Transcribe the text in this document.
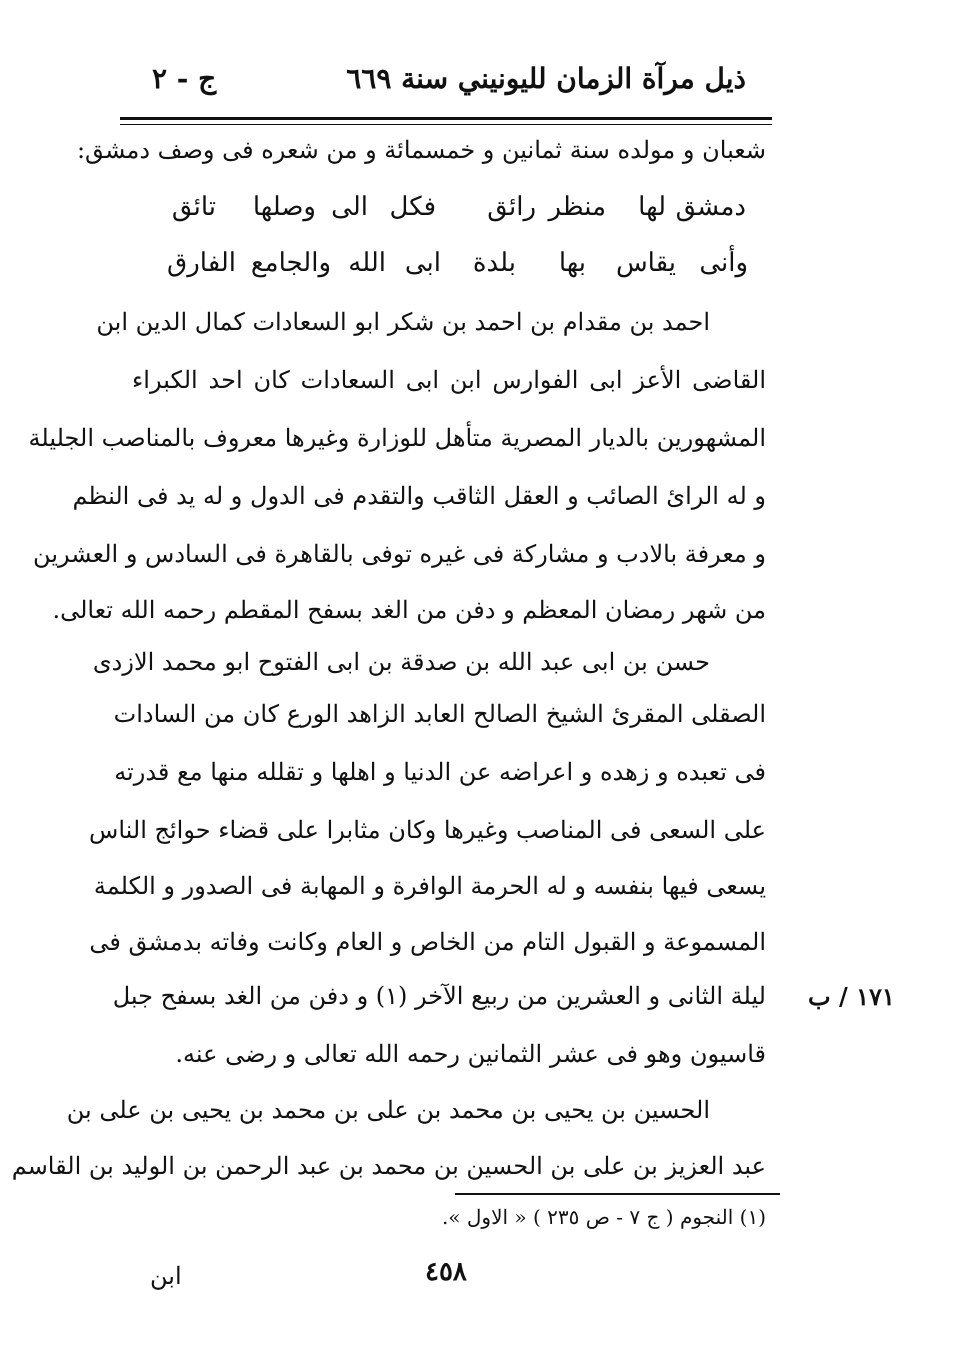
ذيل مرآة الزمان لليونيني سنة ٦٦٩
ج - ٢
شعبان و مولده سنة ثمانين و خمسمائة و من شعره فى وصف دمشق:
دمشق
لها
منظر
رائق
فكل
الى
وصلها
تائق
وأنى
يقاس
بها
بلدة
ابى
الله
والجامع
الفارق
احمد بن مقدام بن احمد بن شكر ابو السعادات كمال الدين ابن
القاضى الأعز ابى الفوارس ابن ابى السعادات كان احد الكبراء
المشهورين بالديار المصرية متأهل للوزارة وغيرها معروف بالمناصب الجليلة
و له الرائ الصائب و العقل الثاقب والتقدم فى الدول و له يد فى النظم
و معرفة بالادب و مشاركة فى غيره توفى بالقاهرة فى السادس و العشرين
من شهر رمضان المعظم و دفن من الغد بسفح المقطم رحمه الله تعالى.
حسن بن ابى عبد الله بن صدقة بن ابى الفتوح ابو محمد الازدى
الصقلى المقرئ الشيخ الصالح العابد الزاهد الورع كان من السادات
فى تعبده و زهده و اعراضه عن الدنيا و اهلها و تقلله منها مع قدرته
على السعى فى المناصب وغيرها وكان مثابرا على قضاء حوائج الناس
يسعى فيها بنفسه و له الحرمة الوافرة و المهابة فى الصدور و الكلمة
المسموعة و القبول التام من الخاص و العام وكانت وفاته بدمشق فى
ليلة الثانى و العشرين من ربيع الآخر (١) و دفن من الغد بسفح جبل
قاسيون وهو فى عشر الثمانين رحمه الله تعالى و رضى عنه.
الحسين بن يحيى بن محمد بن على بن محمد بن يحيى بن على بن
عبد العزيز بن على بن الحسين بن محمد بن عبد الرحمن بن الوليد بن القاسم
١٧١ / ب
(١) النجوم ( ج ٧ - ص ٢٣٥ ) « الاول ».
٤٥٨
ابن
